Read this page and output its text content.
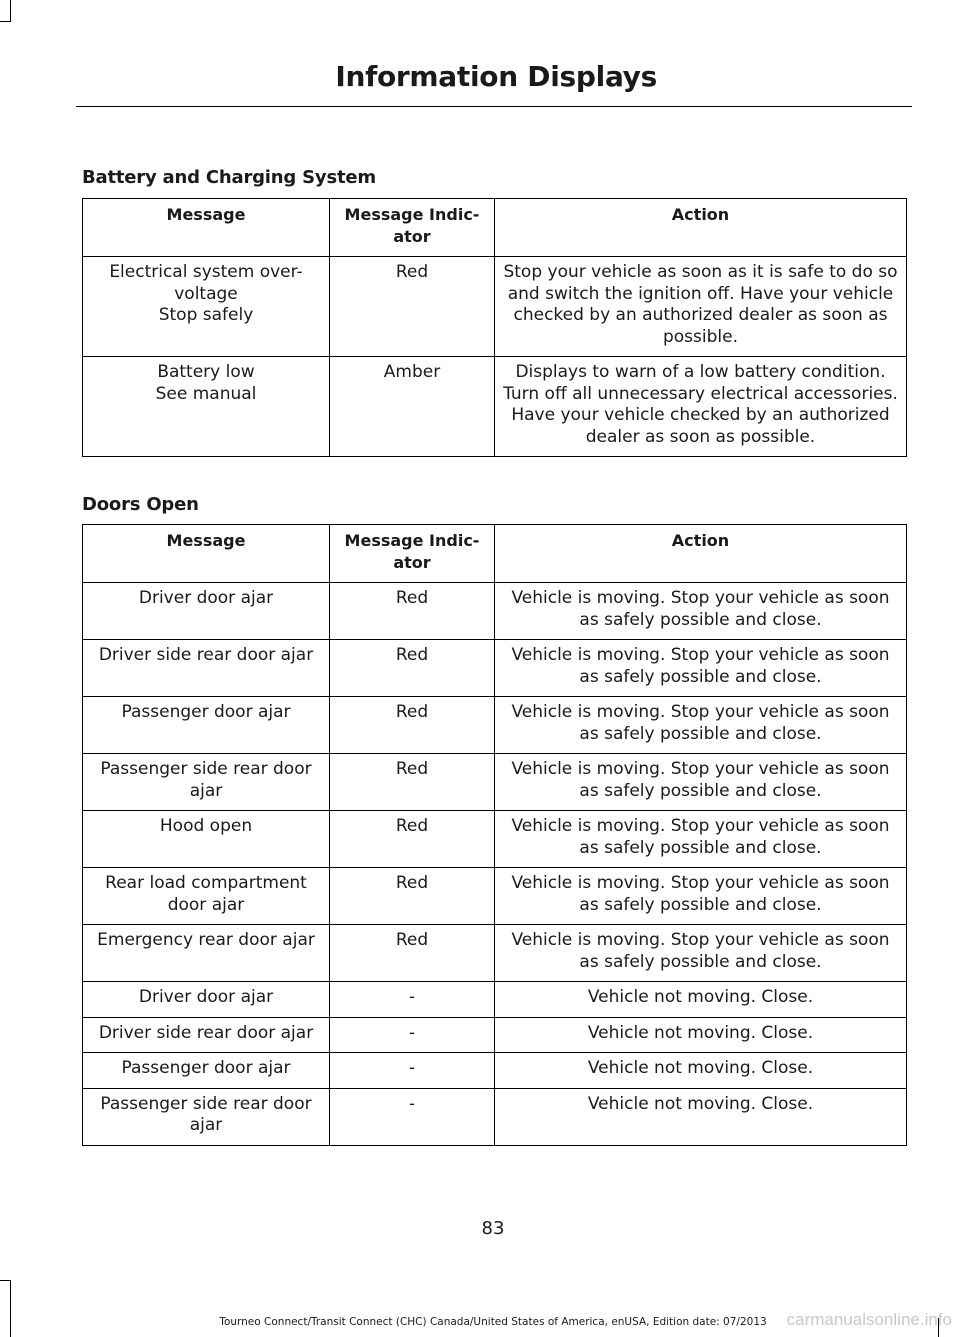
Information Displays
Battery and Charging System
Message	Message Indic-ator	Action

Electrical system over-voltage
Stop safely	Red	Stop your vehicle as soon as it is safe to do so and switch the ignition off. Have your vehicle checked by an authorized dealer as soon as possible.

Battery low
See manual	Amber	Displays to warn of a low battery condition. Turn off all unnecessary electrical accessories. Have your vehicle checked by an authorized dealer as soon as possible.
Doors Open
Message	Message Indic-ator	Action
Driver door ajar	Red	Vehicle is moving. Stop your vehicle as soon as safely possible and close.
Driver side rear door ajar	Red	Vehicle is moving. Stop your vehicle as soon as safely possible and close.
Passenger door ajar	Red	Vehicle is moving. Stop your vehicle as soon as safely possible and close.
Passenger side rear door ajar	Red	Vehicle is moving. Stop your vehicle as soon as safely possible and close.
Hood open	Red	Vehicle is moving. Stop your vehicle as soon as safely possible and close.
Rear load compartment door ajar	Red	Vehicle is moving. Stop your vehicle as soon as safely possible and close.
Emergency rear door ajar	Red	Vehicle is moving. Stop your vehicle as soon as safely possible and close.
Driver door ajar	-	Vehicle not moving. Close.
Driver side rear door ajar	-	Vehicle not moving. Close.
Passenger door ajar	-	Vehicle not moving. Close.
Passenger side rear door ajar	-	Vehicle not moving. Close.
83
Tourneo Connect/Transit Connect (CHC) Canada/United States of America, enUSA, Edition date: 07/2013	carmanualsonline.info
